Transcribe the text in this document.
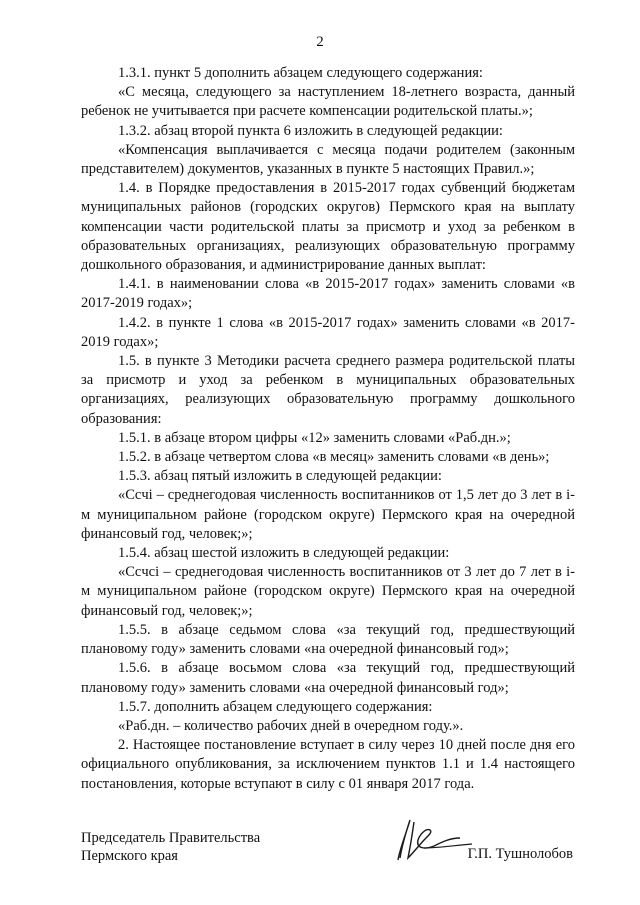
2

1.3.1. пункт 5 дополнить абзацем следующего содержания:

«С месяца, следующего за наступлением 18-летнего возраста, данный ребенок не учитывается при расчете компенсации родительской платы.»;

1.3.2. абзац второй пункта 6 изложить в следующей редакции:

«Компенсация выплачивается с месяца подачи родителем (законным представителем) документов, указанных в пункте 5 настоящих Правил.»;

1.4. в Порядке предоставления в 2015-2017 годах субвенций бюджетам муниципальных районов (городских округов) Пермского края на выплату компенсации части родительской платы за присмотр и уход за ребенком в образовательных организациях, реализующих образовательную программу дошкольного образования, и администрирование данных выплат:

1.4.1. в наименовании слова «в 2015-2017 годах» заменить словами «в 2017-2019 годах»;

1.4.2. в пункте 1 слова «в 2015-2017 годах» заменить словами «в 2017-2019 годах»;

1.5. в пункте 3 Методики расчета среднего размера родительской платы за присмотр и уход за ребенком в муниципальных образовательных организациях, реализующих образовательную программу дошкольного образования:

1.5.1. в абзаце втором цифры «12» заменить словами «Раб.дн.»;

1.5.2. в абзаце четвертом слова «в месяц» заменить словами «в день»;

1.5.3. абзац пятый изложить в следующей редакции:

«Ccчi – среднегодовая численность воспитанников от 1,5 лет до 3 лет в i-м муниципальном районе (городском округе) Пермского края на очередной финансовый год, человек;»;

1.5.4. абзац шестой изложить в следующей редакции:

«Ccчci – среднегодовая численность воспитанников от 3 лет до 7 лет в i-м муниципальном районе (городском округе) Пермского края на очередной финансовый год, человек;»;

1.5.5. в абзаце седьмом слова «за текущий год, предшествующий плановому году» заменить словами «на очередной финансовый год»;

1.5.6. в абзаце восьмом слова «за текущий год, предшествующий плановому году» заменить словами «на очередной финансовый год»;

1.5.7. дополнить абзацем следующего содержания:

«Раб.дн. – количество рабочих дней в очередном году.».

2. Настоящее постановление вступает в силу через 10 дней после дня его официального опубликования, за исключением пунктов 1.1 и 1.4 настоящего постановления, которые вступают в силу с 01 января 2017 года.

Председатель Правительства

Пермского края	Г.П. Тушнолобов
